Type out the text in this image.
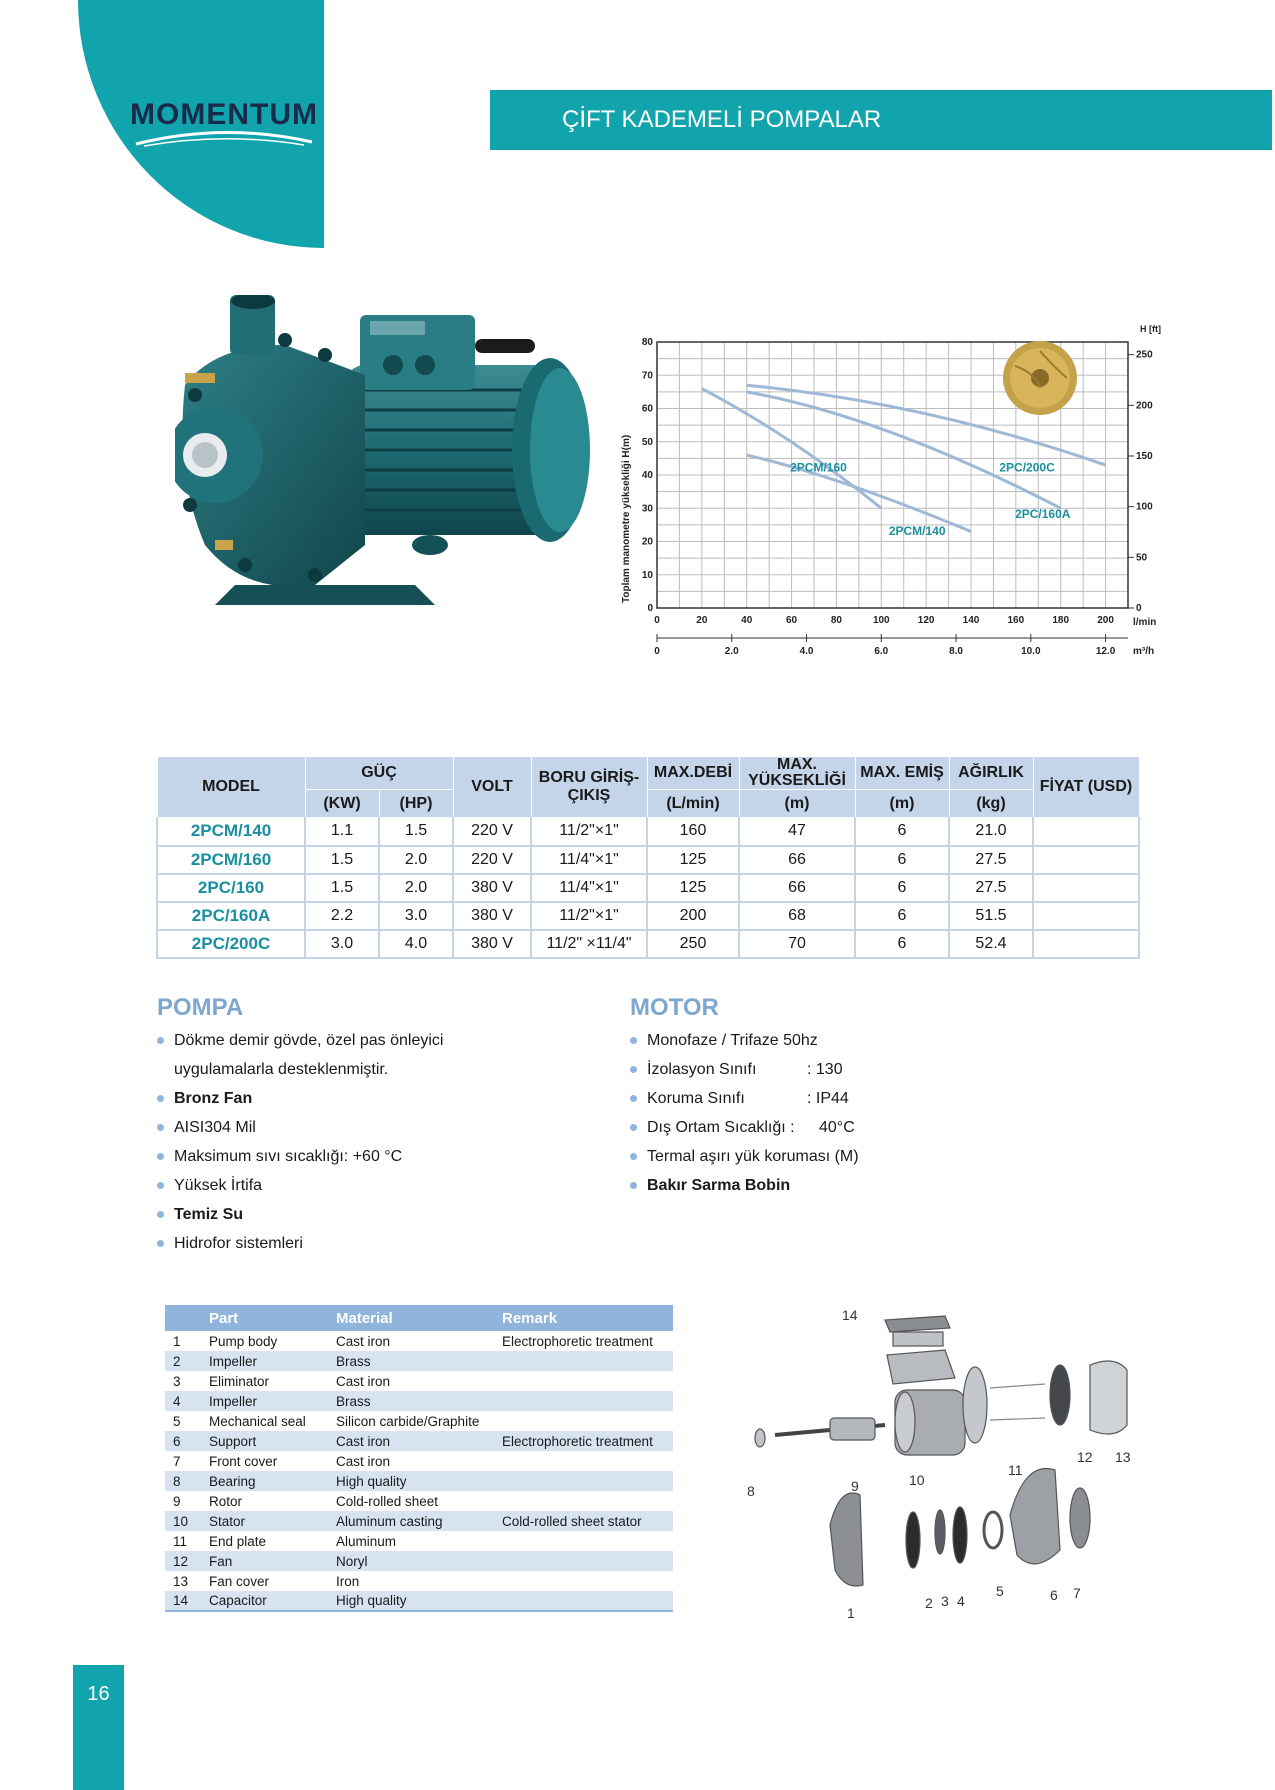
MOMENTUM	ÇİFT KADEMELİ POMPALAR
0	20	40	60	80	100	120	140	160	180	200
0	2.0	4.0	6.0	8.0	10.0	12.0
0
10
20
30
40
50
60
70
80
0
50
100
150
200
250
2PCM/160
2PCM/140
2PC/160A
2PC/200C
Toplam manometre yüksekliği H(m)
H [ft]
l/min
m³/h
MODEL	GÜÇ		VOLT	BORU GİRİŞ-ÇIKIŞ	MAX.DEBİ	MAX. YÜKSEKLİĞİ	MAX. EMİŞ	AĞIRLIK	FİYAT (USD)
	(KW)	(HP)			(L/min)	(m)	(m)	(kg)	
2PCM/140	1.1	1.5	220 V	11/2"×1"	160	47	6	21.0	
2PCM/160	1.5	2.0	220 V	11/4"×1"	125	66	6	27.5	
2PC/160	1.5	2.0	380 V	11/4"×1"	125	66	6	27.5	
2PC/160A	2.2	3.0	380 V	11/2"×1"	200	68	6	51.5	
2PC/200C	3.0	4.0	380 V	11/2" ×11/4"	250	70	6	52.4	
POMPA
Dökme demir gövde, özel pas önleyici
uygulamalarla desteklenmiştir.
Bronz Fan
AISI304 Mil
Maksimum sıvı sıcaklığı: +60 °C
Yüksek İrtifa
Temiz Su
Hidrofor sistemleri
MOTOR
Monofaze / Trifaze 50hz
İzolasyon Sınıfı	: 130
Koruma Sınıfı	: IP44
Dış Ortam Sıcaklığı :	40°C
Termal aşırı yük koruması (M)
Bakır Sarma Bobin
	Part	Material	Remark
1	Pump body	Cast iron	Electrophoretic treatment
2	Impeller	Brass	
3	Eliminator	Cast iron	
4	Impeller	Brass	
5	Mechanical seal	Silicon carbide/Graphite	
6	Support	Cast iron	Electrophoretic treatment
7	Front cover	Cast iron	
8	Bearing	High quality	
9	Rotor	Cold-rolled sheet	
10	Stator	Aluminum casting	Cold-rolled sheet stator
11	End plate	Aluminum	
12	Fan	Noryl	
13	Fan cover	Iron	
14	Capacitor	High quality	
1
2 3 4
5	6 7
8	9	10
11
12 13
14
16
